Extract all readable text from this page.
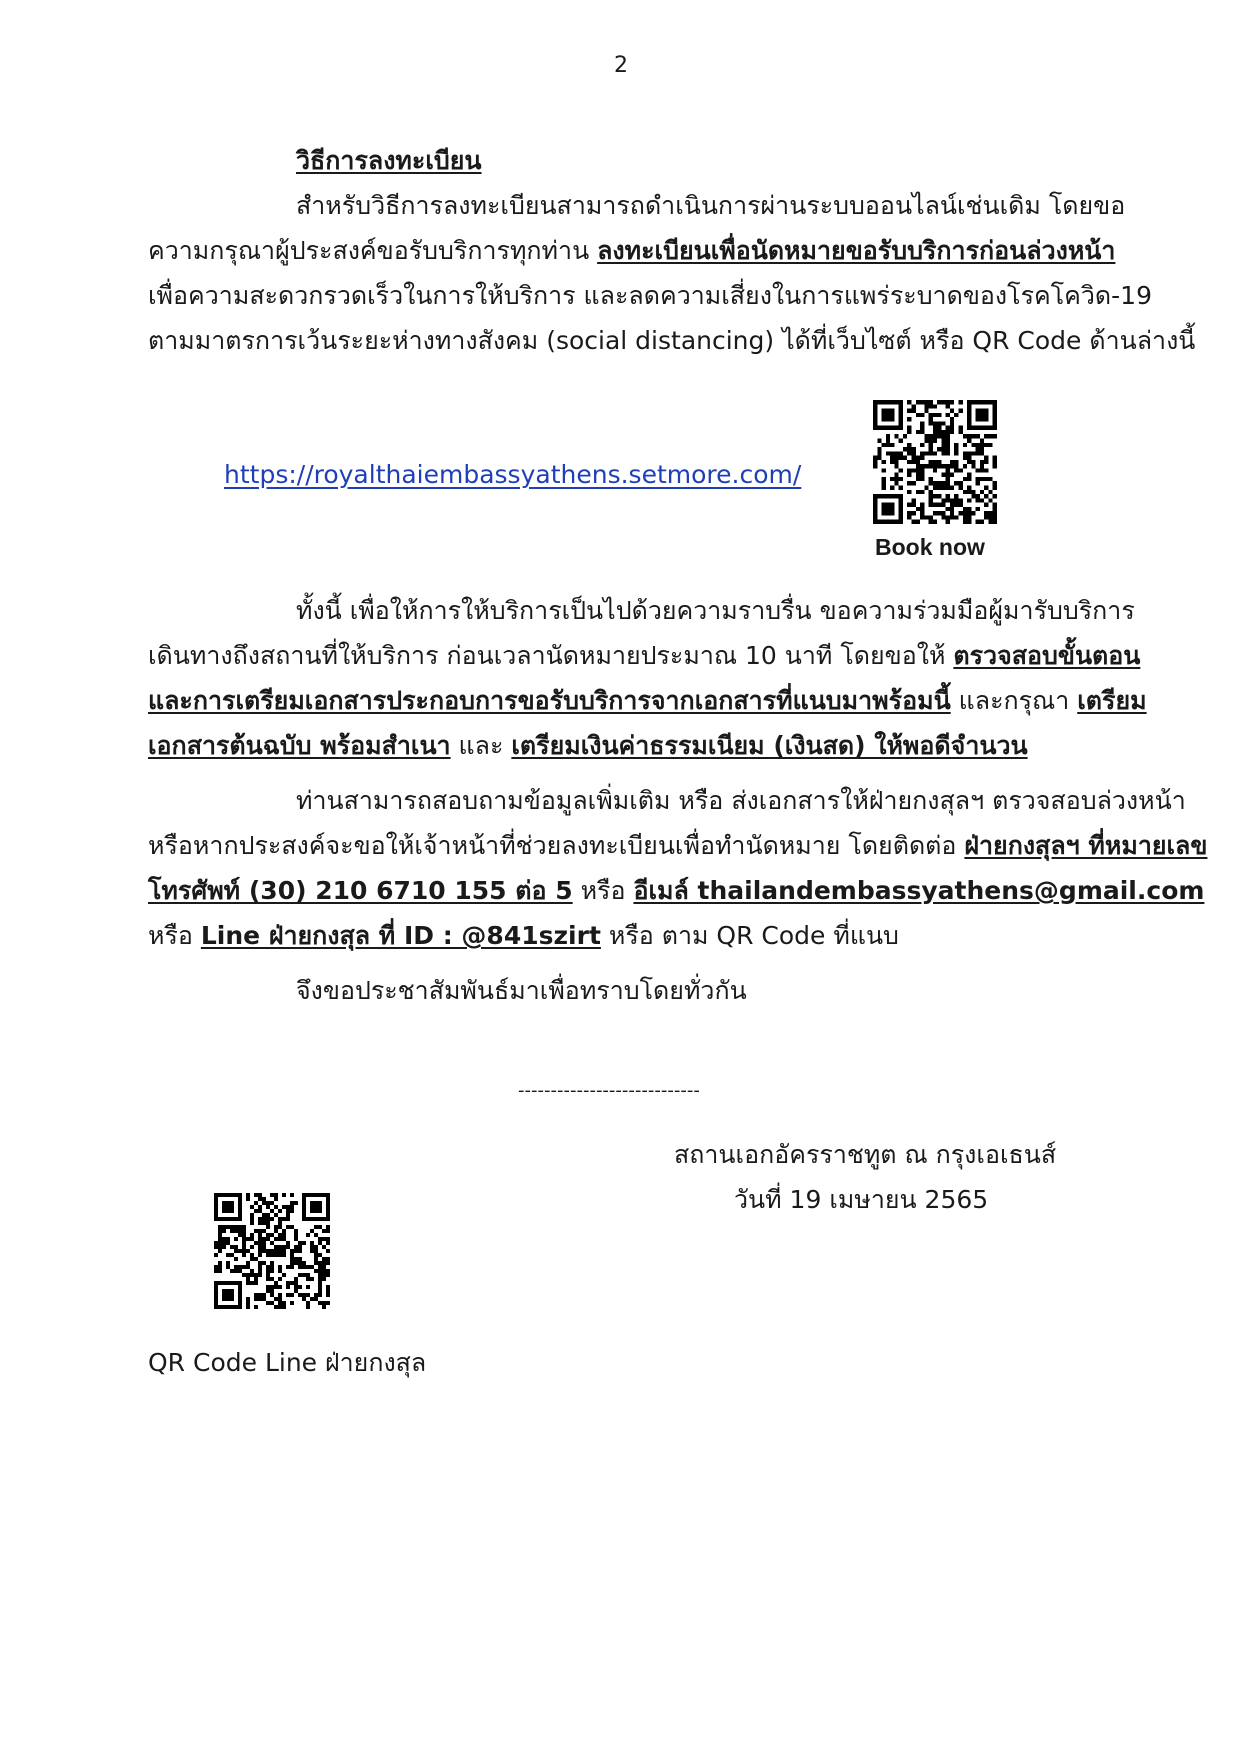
2
วิธีการลงทะเบียน
สำหรับวิธีการลงทะเบียนสามารถดำเนินการผ่านระบบออนไลน์เช่นเดิม โดยขอ
ความกรุณาผู้ประสงค์ขอรับบริการทุกท่าน ลงทะเบียนเพื่อนัดหมายขอรับบริการก่อนล่วงหน้า
เพื่อความสะดวกรวดเร็วในการให้บริการ และลดความเสี่ยงในการแพร่ระบาดของโรคโควิด-19
ตามมาตรการเว้นระยะห่างทางสังคม (social distancing) ได้ที่เว็บไซต์ หรือ QR Code ด้านล่างนี้
https://royalthaiembassyathens.setmore.com/
Book now
ทั้งนี้ เพื่อให้การให้บริการเป็นไปด้วยความราบรื่น ขอความร่วมมือผู้มารับบริการ
เดินทางถึงสถานที่ให้บริการ ก่อนเวลานัดหมายประมาณ 10 นาที โดยขอให้ ตรวจสอบขั้นตอน
และการเตรียมเอกสารประกอบการขอรับบริการจากเอกสารที่แนบมาพร้อมนี้ และกรุณา เตรียม
เอกสารต้นฉบับ พร้อมสำเนา และ เตรียมเงินค่าธรรมเนียม (เงินสด) ให้พอดีจำนวน
ท่านสามารถสอบถามข้อมูลเพิ่มเติม หรือ ส่งเอกสารให้ฝ่ายกงสุลฯ ตรวจสอบล่วงหน้า
หรือหากประสงค์จะขอให้เจ้าหน้าที่ช่วยลงทะเบียนเพื่อทำนัดหมาย โดยติดต่อ ฝ่ายกงสุลฯ ที่หมายเลข
โทรศัพท์ (30) 210 6710 155 ต่อ 5 หรือ อีเมล์ thailandembassyathens@gmail.com
หรือ Line ฝ่ายกงสุล ที่ ID : @841szirt หรือ ตาม QR Code ที่แนบ
จึงขอประชาสัมพันธ์มาเพื่อทราบโดยทั่วกัน
----------------------------
สถานเอกอัครราชทูต ณ กรุงเอเธนส์
วันที่ 19 เมษายน 2565
QR Code Line ฝ่ายกงสุล
